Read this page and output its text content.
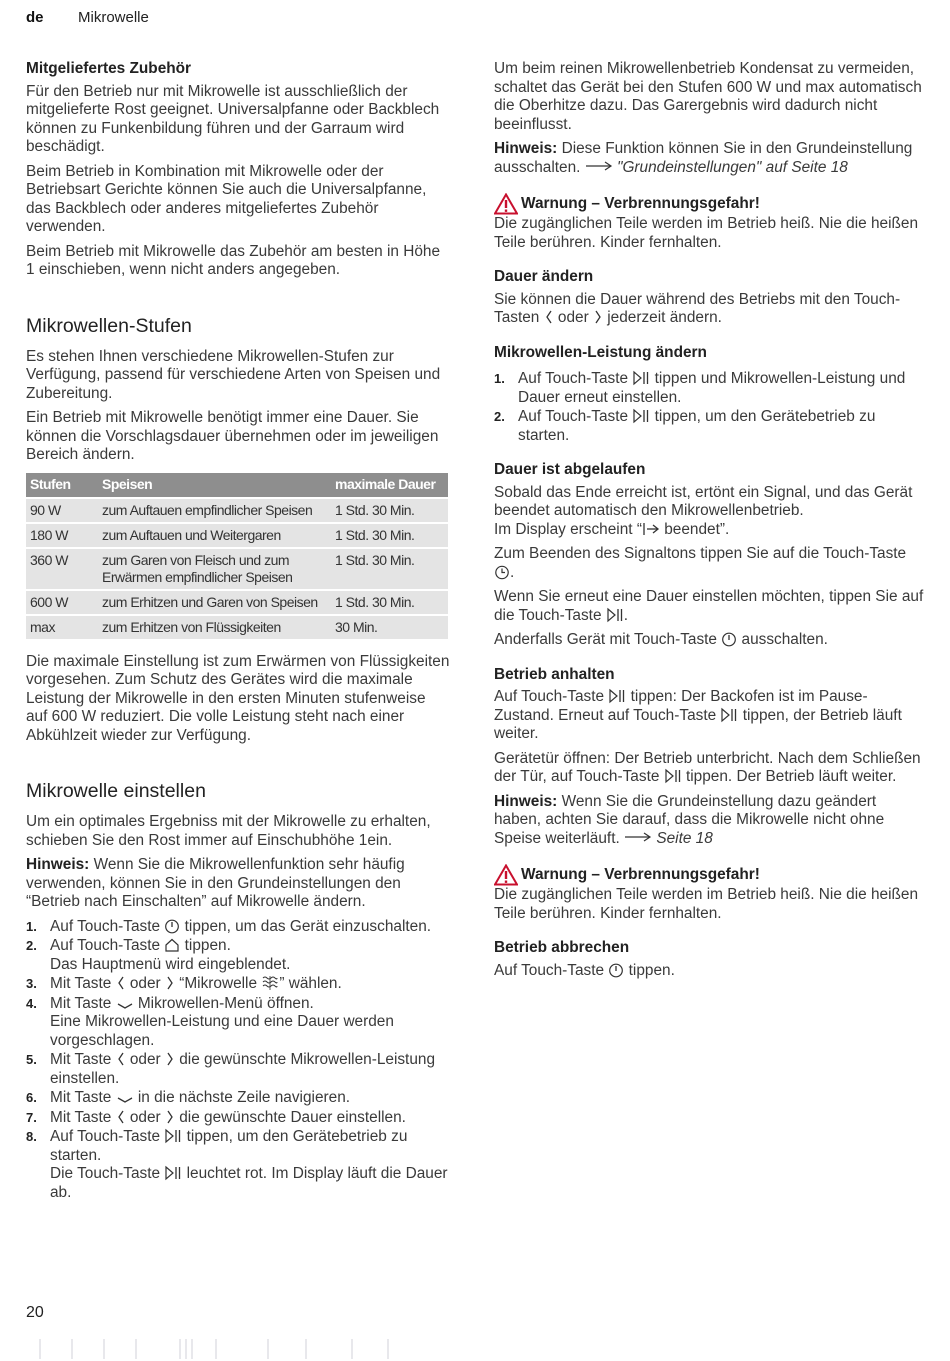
de Mikrowelle
Mitgeliefertes Zubehör

Für den Betrieb nur mit Mikrowelle ist ausschließlich der mitgelieferte Rost geeignet. Universalpfanne oder Backblech können zu Funkenbildung führen und der Garraum wird beschädigt.

Beim Betrieb in Kombination mit Mikrowelle oder der Betriebsart Gerichte können Sie auch die Universalpfanne, das Backblech oder anderes mitgeliefertes Zubehör verwenden.

Beim Betrieb mit Mikrowelle das Zubehör am besten in Höhe 1 einschieben, wenn nicht anders angegeben.

Mikrowellen-Stufen

Es stehen Ihnen verschiedene Mikrowellen-Stufen zur Verfügung, passend für verschiedene Arten von Speisen und Zubereitung.

Ein Betrieb mit Mikrowelle benötigt immer eine Dauer. Sie können die Vorschlagsdauer übernehmen oder im jeweiligen Bereich ändern.

Stufen	Speisen	maximale Dauer
90 W	zum Auftauen empfindlicher Speisen	1 Std. 30 Min.
180 W	zum Auftauen und Weitergaren	1 Std. 30 Min.
360 W	zum Garen von Fleisch und zum Erwärmen empfindlicher Speisen	1 Std. 30 Min.
600 W	zum Erhitzen und Garen von Speisen	1 Std. 30 Min.
max	zum Erhitzen von Flüssigkeiten	30 Min.

Die maximale Einstellung ist zum Erwärmen von Flüssigkeiten vorgesehen. Zum Schutz des Gerätes wird die maximale Leistung der Mikrowelle in den ersten Minuten stufenweise auf 600 W reduziert. Die volle Leistung steht nach einer Abkühlzeit wieder zur Verfügung.

Mikrowelle einstellen

Um ein optimales Ergebniss mit der Mikrowelle zu erhalten, schieben Sie den Rost immer auf Einschubhöhe 1ein.

Hinweis: Wenn Sie die Mikrowellenfunktion sehr häufig verwenden, können Sie in den Grundeinstellungen den “Betrieb nach Einschalten” auf Mikrowelle ändern.

1. Auf Touch-Taste  tippen, um das Gerät einzuschalten.
2. Auf Touch-Taste  tippen.
Das Hauptmenü wird eingeblendet.
3. Mit Taste  oder  “Mikrowelle ” wählen.
4. Mit Taste  Mikrowellen-Menü öffnen.
Eine Mikrowellen-Leistung und eine Dauer werden vorgeschlagen.
5. Mit Taste  oder  die gewünschte Mikrowellen-Leistung einstellen.
6. Mit Taste  in die nächste Zeile navigieren.
7. Mit Taste  oder  die gewünschte Dauer einstellen.
8. Auf Touch-Taste  tippen, um den Gerätebetrieb zu starten.
Die Touch-Taste  leuchtet rot. Im Display läuft die Dauer ab.

Um beim reinen Mikrowellenbetrieb Kondensat zu vermeiden, schaltet das Gerät bei den Stufen 600 W und max automatisch die Oberhitze dazu. Das Garergebnis wird dadurch nicht beeinflusst.

Hinweis: Diese Funktion können Sie in den Grundeinstellung ausschalten.  "Grundeinstellungen" auf Seite 18

Warnung – Verbrennungsgefahr!

Die zugänglichen Teile werden im Betrieb heiß. Nie die heißen Teile berühren. Kinder fernhalten.

Dauer ändern

Sie können die Dauer während des Betriebs mit den Touch-Tasten  oder  jederzeit ändern.

Mikrowellen-Leistung ändern
1. Auf Touch-Taste  tippen und Mikrowellen-Leistung und Dauer erneut einstellen.
2. Auf Touch-Taste  tippen, um den Gerätebetrieb zu starten.
Dauer ist abgelaufen

Sobald das Ende erreicht ist, ertönt ein Signal, und das Gerät beendet automatisch den Mikrowellenbetrieb.
Im Display erscheint “ beendet”.

Zum Beenden des Signaltons tippen Sie auf die Touch-Taste .

Wenn Sie erneut eine Dauer einstellen möchten, tippen Sie auf die Touch-Taste .

Anderfalls Gerät mit Touch-Taste  ausschalten.

Betrieb anhalten

Auf Touch-Taste  tippen: Der Backofen ist im Pause-Zustand. Erneut auf Touch-Taste  tippen, der Betrieb läuft weiter.

Gerätetür öffnen: Der Betrieb unterbricht. Nach dem Schließen der Tür, auf Touch-Taste  tippen. Der Betrieb läuft weiter.

Hinweis: Wenn Sie die Grundeinstellung dazu geändert haben, achten Sie darauf, dass die Mikrowelle nicht ohne Speise weiterläuft.  Seite 18

Warnung – Verbrennungsgefahr!

Die zugänglichen Teile werden im Betrieb heiß. Nie die heißen Teile berühren. Kinder fernhalten.

Betrieb abbrechen

Auf Touch-Taste  tippen.

20
